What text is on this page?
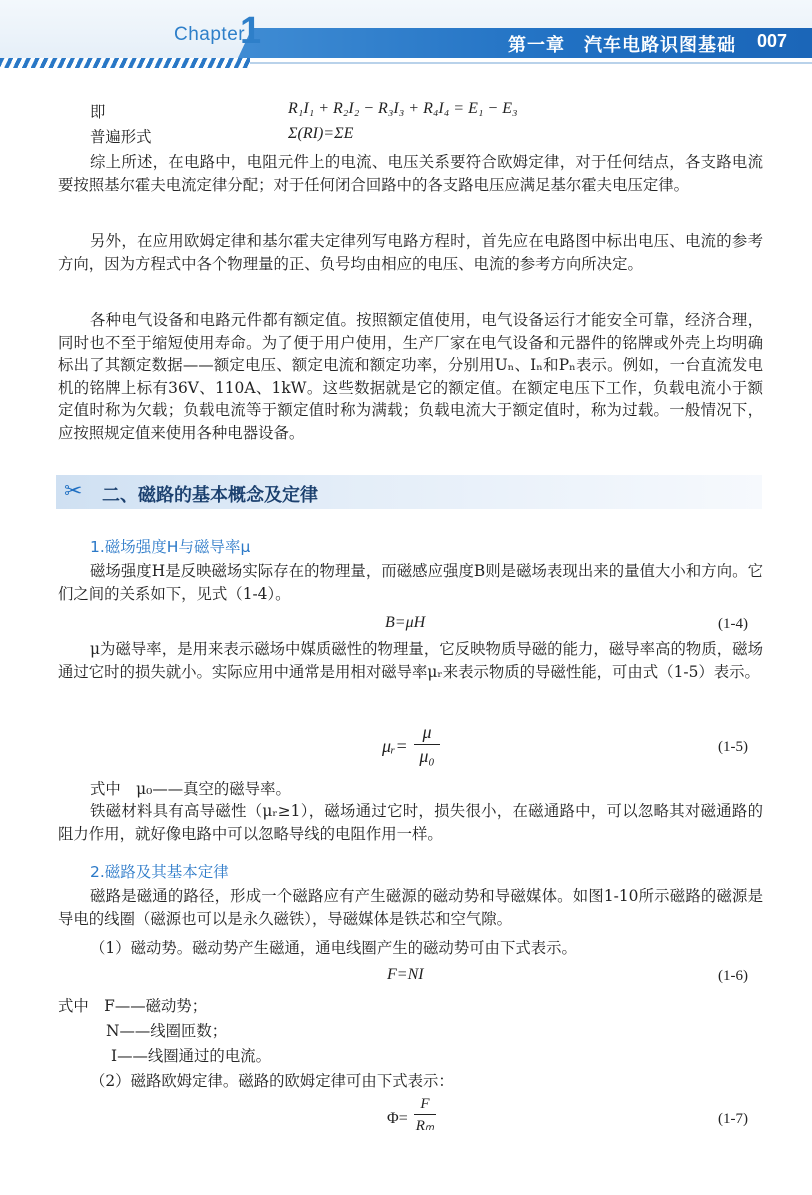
Chapter
1	第一章　汽车电路识图基础 007
即	R₁I₁ + R₂I₂ − R₃I₃ + R₄I₄ = E₁ − E₃
普遍形式	Σ(RI)=ΣE
综上所述，在电路中，电阻元件上的电流、电压关系要符合欧姆定律，对于任何结点，各支路电流要按照基尔霍夫电流定律分配；对于任何闭合回路中的各支路电压应满足基尔霍夫电压定律。
另外，在应用欧姆定律和基尔霍夫定律列写电路方程时，首先应在电路图中标出电压、电流的参考方向，因为方程式中各个物理量的正、负号均由相应的电压、电流的参考方向所决定。
各种电气设备和电路元件都有额定值。按照额定值使用，电气设备运行才能安全可靠，经济合理，同时也不至于缩短使用寿命。为了便于用户使用，生产厂家在电气设备和元器件的铭牌或外壳上均明确标出了其额定数据——额定电压、额定电流和额定功率，分别用Uₙ、Iₙ和Pₙ表示。例如，一台直流发电机的铭牌上标有36V、110A、1kW。这些数据就是它的额定值。在额定电压下工作，负载电流小于额定值时称为欠载；负载电流等于额定值时称为满载；负载电流大于额定值时，称为过载。一般情况下，应按照规定值来使用各种电器设备。
✂ 二、磁路的基本概念及定律
1.磁场强度H与磁导率μ
磁场强度H是反映磁场实际存在的物理量，而磁感应强度B则是磁场表现出来的量值大小和方向。它们之间的关系如下，见式（1-4）。
B=μH	(1-4)
μ为磁导率，是用来表示磁场中媒质磁性的物理量，它反映物质导磁的能力，磁导率高的物质，磁场通过它时的损失就小。实际应用中通常是用相对磁导率μᵣ来表示物质的导磁性能，可由式（1-5）表示。
μᵣ=
μ
μ₀	(1-5)
式中　μ₀——真空的磁导率。
铁磁材料具有高导磁性（μᵣ≥1），磁场通过它时，损失很小，在磁通路中，可以忽略其对磁通路的阻力作用，就好像电路中可以忽略导线的电阻作用一样。
2.磁路及其基本定律
磁路是磁通的路径，形成一个磁路应有产生磁源的磁动势和导磁媒体。如图1-10所示磁路的磁源是导电的线圈（磁源也可以是永久磁铁），导磁媒体是铁芯和空气隙。
（1）磁动势。磁动势产生磁通，通电线圈产生的磁动势可由下式表示。
F=NI	(1-6)
式中　F——磁动势；
N——线圈匝数；
I——线圈通过的电流。
（2）磁路欧姆定律。磁路的欧姆定律可由下式表示：
Φ=
F
Rₘ	(1-7)
